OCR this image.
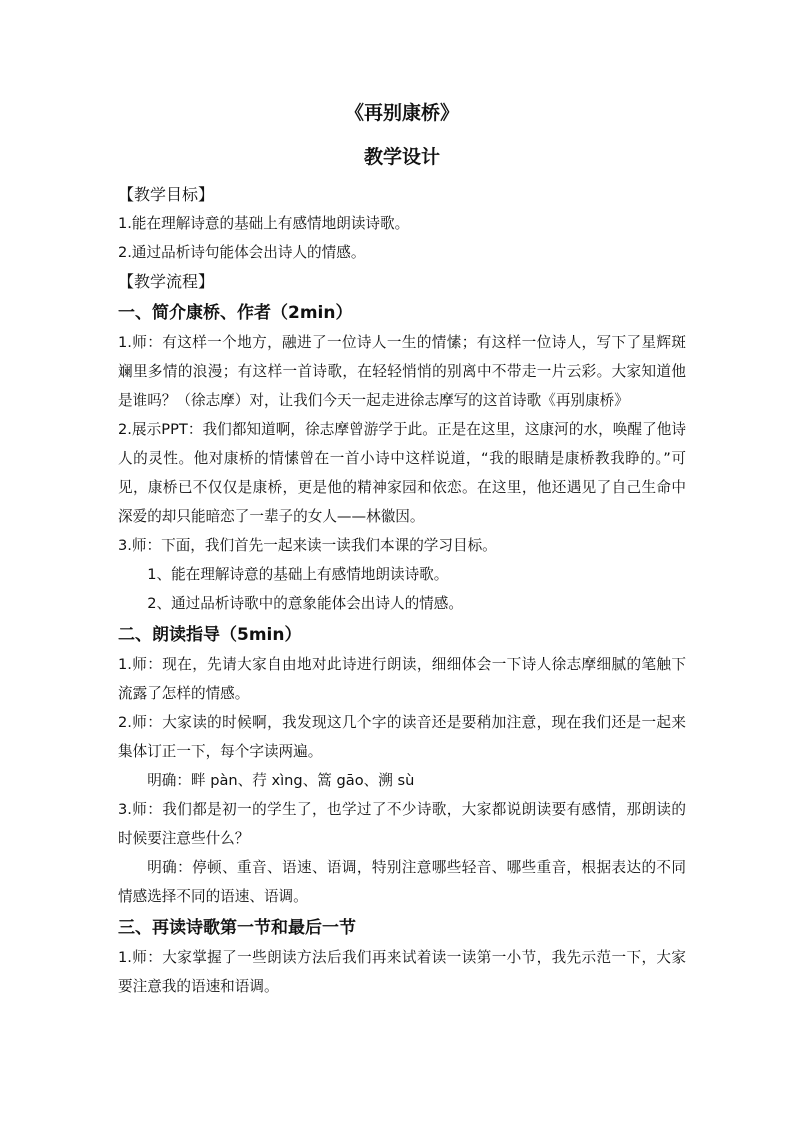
《再别康桥》
教学设计
【教学目标】

1.能在理解诗意的基础上有感情地朗读诗歌。

2.通过品析诗句能体会出诗人的情感。

【教学流程】
一、简介康桥、作者（2min）

1.师：有这样一个地方，融进了一位诗人一生的情愫；有这样一位诗人，写下了星辉斑斓里多情的浪漫；有这样一首诗歌，在轻轻悄悄的别离中不带走一片云彩。大家知道他是谁吗？（徐志摩）对，让我们今天一起走进徐志摩写的这首诗歌《再别康桥》

2.展示PPT：我们都知道啊，徐志摩曾游学于此。正是在这里，这康河的水，唤醒了他诗人的灵性。他对康桥的情愫曾在一首小诗中这样说道，“我的眼睛是康桥教我睁的。”可见，康桥已不仅仅是康桥，更是他的精神家园和依恋。在这里，他还遇见了自己生命中深爱的却只能暗恋了一辈子的女人——林徽因。

3.师：下面，我们首先一起来读一读我们本课的学习目标。

1、能在理解诗意的基础上有感情地朗读诗歌。

2、通过品析诗歌中的意象能体会出诗人的情感。

二、朗读指导（5min）

1.师：现在，先请大家自由地对此诗进行朗读，细细体会一下诗人徐志摩细腻的笔触下流露了怎样的情感。

2.师：大家读的时候啊，我发现这几个字的读音还是要稍加注意，现在我们还是一起来集体订正一下，每个字读两遍。

明确：畔 pàn、荇 xìng、篙 gāo、溯 sù

3.师：我们都是初一的学生了，也学过了不少诗歌，大家都说朗读要有感情，那朗读的时候要注意些什么？

明确：停顿、重音、语速、语调，特别注意哪些轻音、哪些重音，根据表达的不同情感选择不同的语速、语调。

三、再读诗歌第一节和最后一节

1.师：大家掌握了一些朗读方法后我们再来试着读一读第一小节，我先示范一下，大家要注意我的语速和语调。
